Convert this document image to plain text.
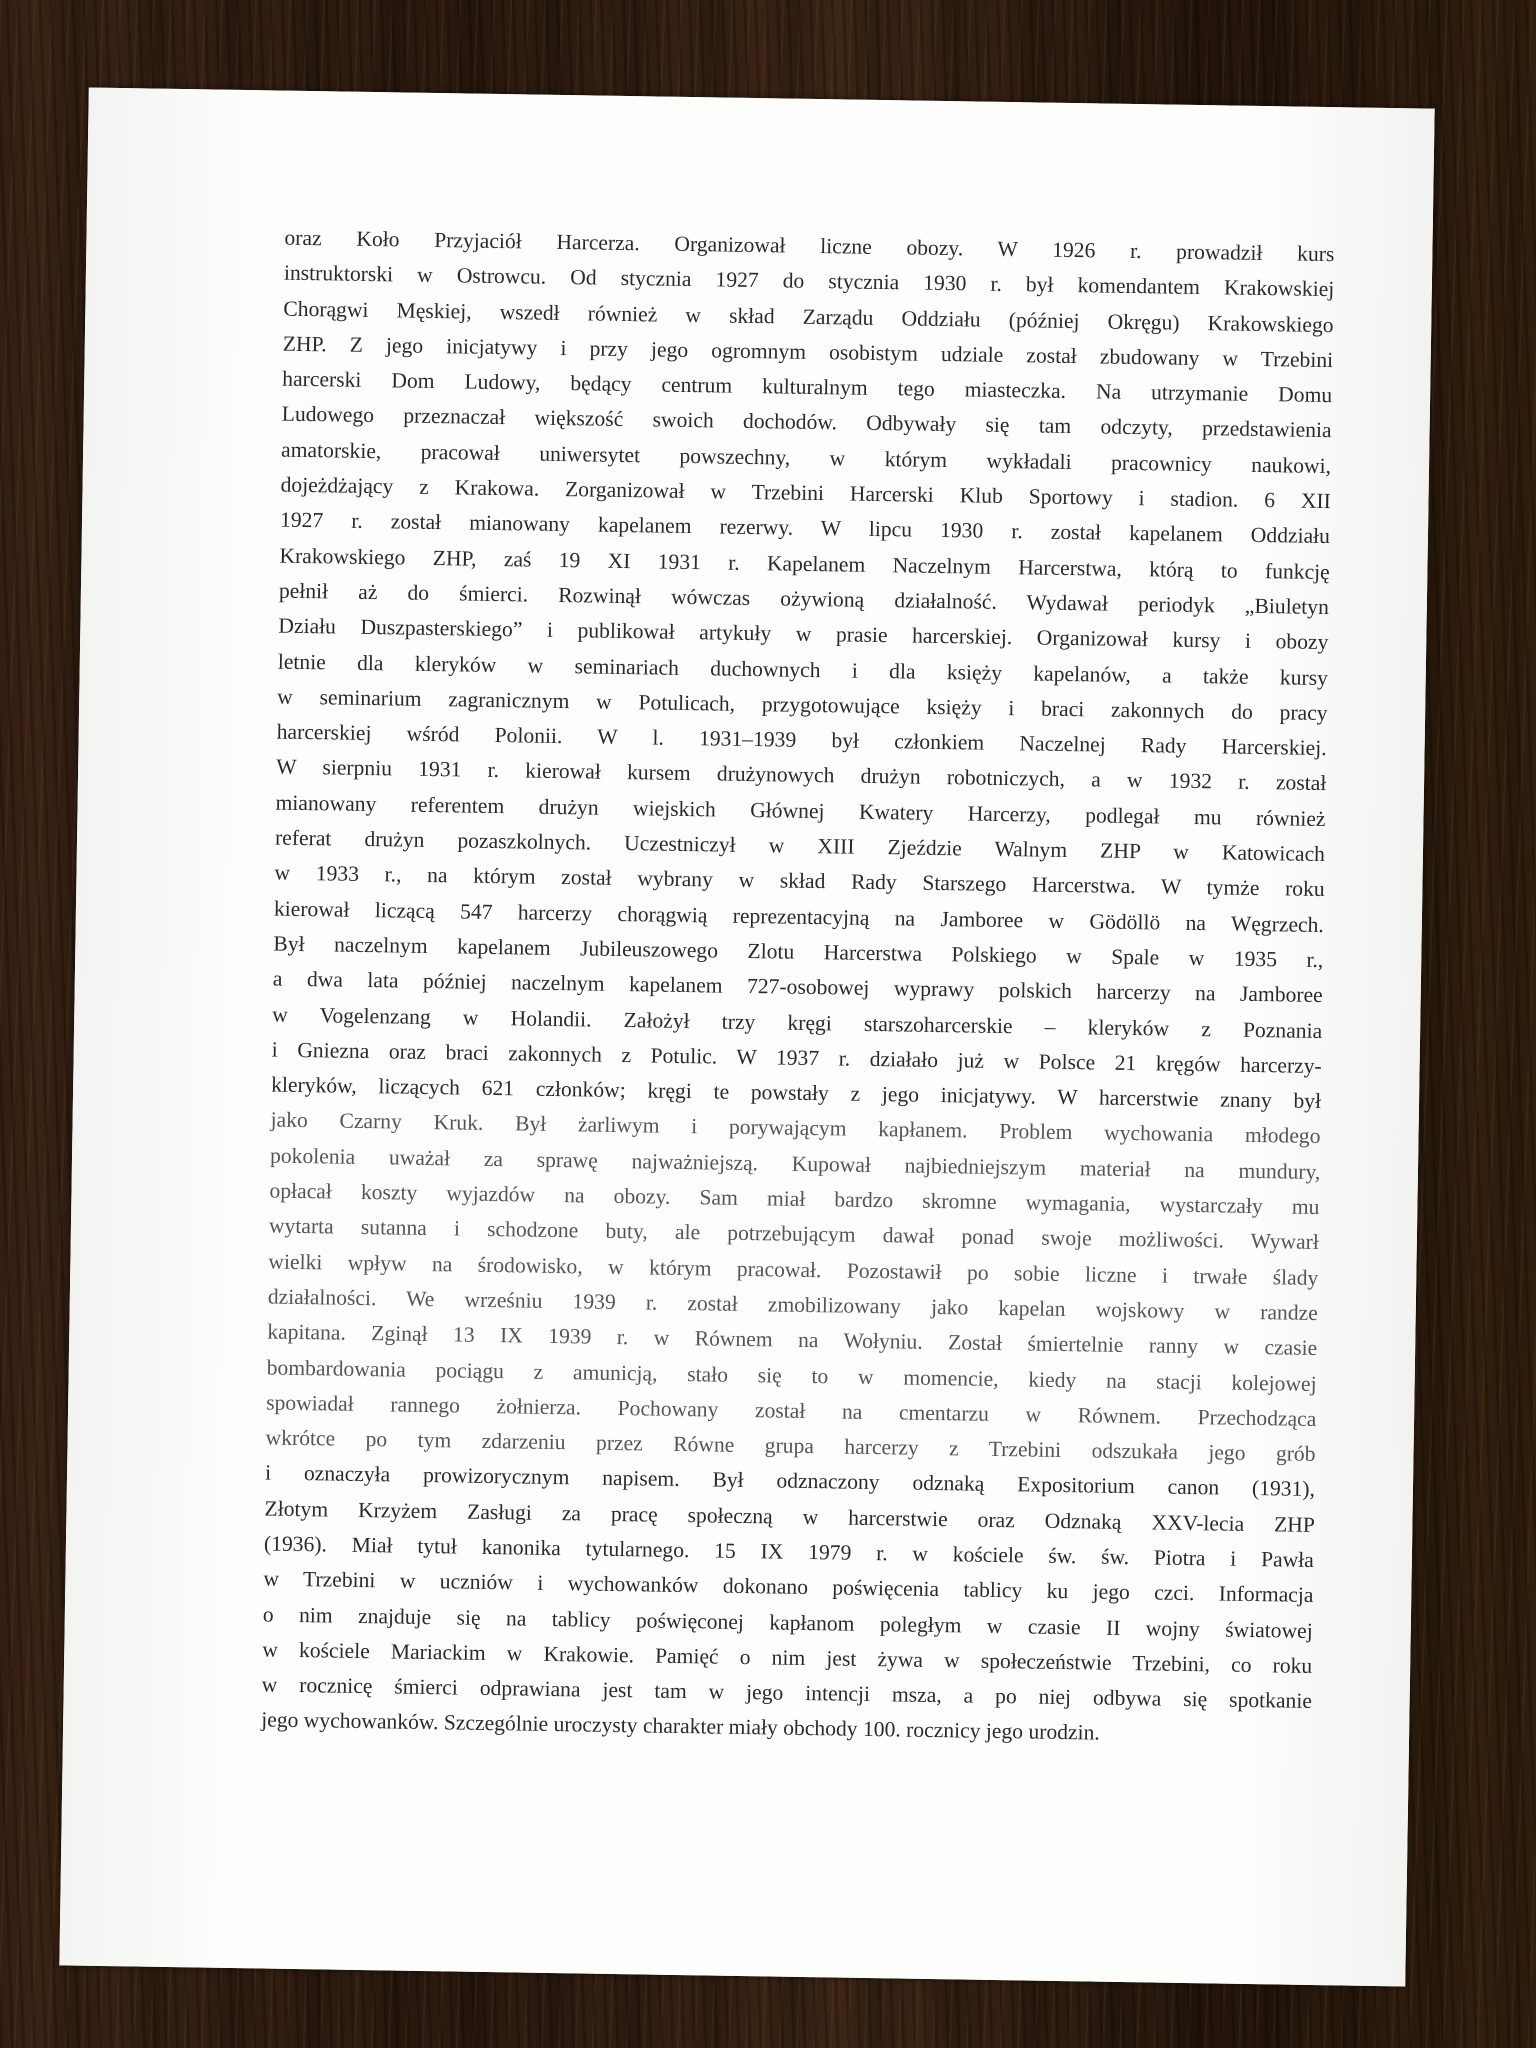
oraz Koło Przyjaciół Harcerza. Organizował liczne obozy. W 1926 r. prowadził kurs
instruktorski w Ostrowcu. Od stycznia 1927 do stycznia 1930 r. był komendantem Krakowskiej
Chorągwi Męskiej, wszedł również w skład Zarządu Oddziału (później Okręgu) Krakowskiego
ZHP. Z jego inicjatywy i przy jego ogromnym osobistym udziale został zbudowany w Trzebini
harcerski Dom Ludowy, będący centrum kulturalnym tego miasteczka. Na utrzymanie Domu
Ludowego przeznaczał większość swoich dochodów. Odbywały się tam odczyty, przedstawienia
amatorskie, pracował uniwersytet powszechny, w którym wykładali pracownicy naukowi,
dojeżdżający z Krakowa. Zorganizował w Trzebini Harcerski Klub Sportowy i stadion. 6 XII
1927 r. został mianowany kapelanem rezerwy. W lipcu 1930 r. został kapelanem Oddziału
Krakowskiego ZHP, zaś 19 XI 1931 r. Kapelanem Naczelnym Harcerstwa, którą to funkcję
pełnił aż do śmierci. Rozwinął wówczas ożywioną działalność. Wydawał periodyk „Biuletyn
Działu Duszpasterskiego” i publikował artykuły w prasie harcerskiej. Organizował kursy i obozy
letnie dla kleryków w seminariach duchownych i dla księży kapelanów, a także kursy
w seminarium zagranicznym w Potulicach, przygotowujące księży i braci zakonnych do pracy
harcerskiej wśród Polonii. W l. 1931–1939 był członkiem Naczelnej Rady Harcerskiej.
W sierpniu 1931 r. kierował kursem drużynowych drużyn robotniczych, a w 1932 r. został
mianowany referentem drużyn wiejskich Głównej Kwatery Harcerzy, podlegał mu również
referat drużyn pozaszkolnych. Uczestniczył w XIII Zjeździe Walnym ZHP w Katowicach
w 1933 r., na którym został wybrany w skład Rady Starszego Harcerstwa. W tymże roku
kierował liczącą 547 harcerzy chorągwią reprezentacyjną na Jamboree w Gödöllö na Węgrzech.
Był naczelnym kapelanem Jubileuszowego Zlotu Harcerstwa Polskiego w Spale w 1935 r.,
a dwa lata później naczelnym kapelanem 727-osobowej wyprawy polskich harcerzy na Jamboree
w Vogelenzang w Holandii. Założył trzy kręgi starszoharcerskie – kleryków z Poznania
i Gniezna oraz braci zakonnych z Potulic. W 1937 r. działało już w Polsce 21 kręgów harcerzy-
kleryków, liczących 621 członków; kręgi te powstały z jego inicjatywy. W harcerstwie znany był
jako Czarny Kruk. Był żarliwym i porywającym kapłanem. Problem wychowania młodego
pokolenia uważał za sprawę najważniejszą. Kupował najbiedniejszym materiał na mundury,
opłacał koszty wyjazdów na obozy. Sam miał bardzo skromne wymagania, wystarczały mu
wytarta sutanna i schodzone buty, ale potrzebującym dawał ponad swoje możliwości. Wywarł
wielki wpływ na środowisko, w którym pracował. Pozostawił po sobie liczne i trwałe ślady
działalności. We wrześniu 1939 r. został zmobilizowany jako kapelan wojskowy w randze
kapitana. Zginął 13 IX 1939 r. w Równem na Wołyniu. Został śmiertelnie ranny w czasie
bombardowania pociągu z amunicją, stało się to w momencie, kiedy na stacji kolejowej
spowiadał rannego żołnierza. Pochowany został na cmentarzu w Równem. Przechodząca
wkrótce po tym zdarzeniu przez Równe grupa harcerzy z Trzebini odszukała jego grób
i oznaczyła prowizorycznym napisem. Był odznaczony odznaką Expositorium canon (1931),
Złotym Krzyżem Zasługi za pracę społeczną w harcerstwie oraz Odznaką XXV-lecia ZHP
(1936). Miał tytuł kanonika tytularnego. 15 IX 1979 r. w kościele św. św. Piotra i Pawła
w Trzebini w uczniów i wychowanków dokonano poświęcenia tablicy ku jego czci. Informacja
o nim znajduje się na tablicy poświęconej kapłanom poległym w czasie II wojny światowej
w kościele Mariackim w Krakowie. Pamięć o nim jest żywa w społeczeństwie Trzebini, co roku
w rocznicę śmierci odprawiana jest tam w jego intencji msza, a po niej odbywa się spotkanie
jego wychowanków. Szczególnie uroczysty charakter miały obchody 100. rocznicy jego urodzin.
